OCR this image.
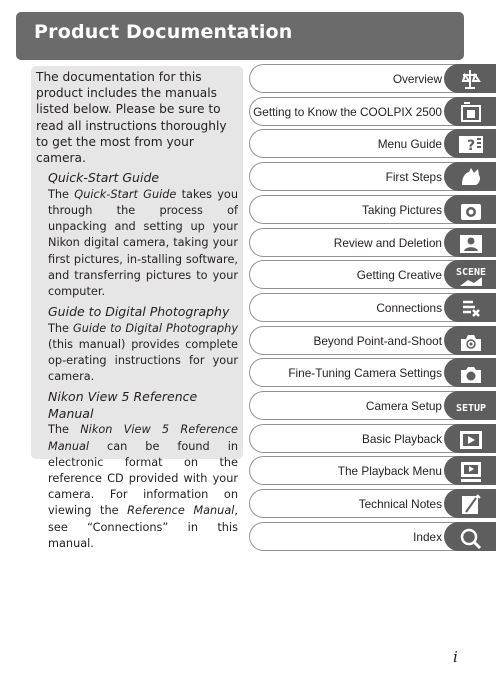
Product Documentation

The documentation for this product includes the manuals listed below. Please be sure to read all instructions thoroughly to get the most from your camera.

Quick-Start Guide

The Quick-Start Guide takes you through the process of unpacking and setting up your Nikon digital camera, taking your first pictures, in-stalling software, and transferring pictures to your computer.

Guide to Digital Photography

The Guide to Digital Photography (this manual) provides complete op-erating instructions for your camera.

Nikon View 5 Reference Manual

The Nikon View 5 Reference Manual can be found in electronic format on the reference CD provided with your camera. For information on viewing the Reference Manual, see “Connections” in this manual.

Overview
Getting to Know the COOLPIX 2500
Menu Guide ?
First Steps
Taking Pictures
Review and Deletion
Getting Creative SCENE
Connections
Beyond Point-and-Shoot
Fine-Tuning Camera Settings
Camera Setup SETUP
Basic Playback
The Playback Menu
Technical Notes
Index
i
